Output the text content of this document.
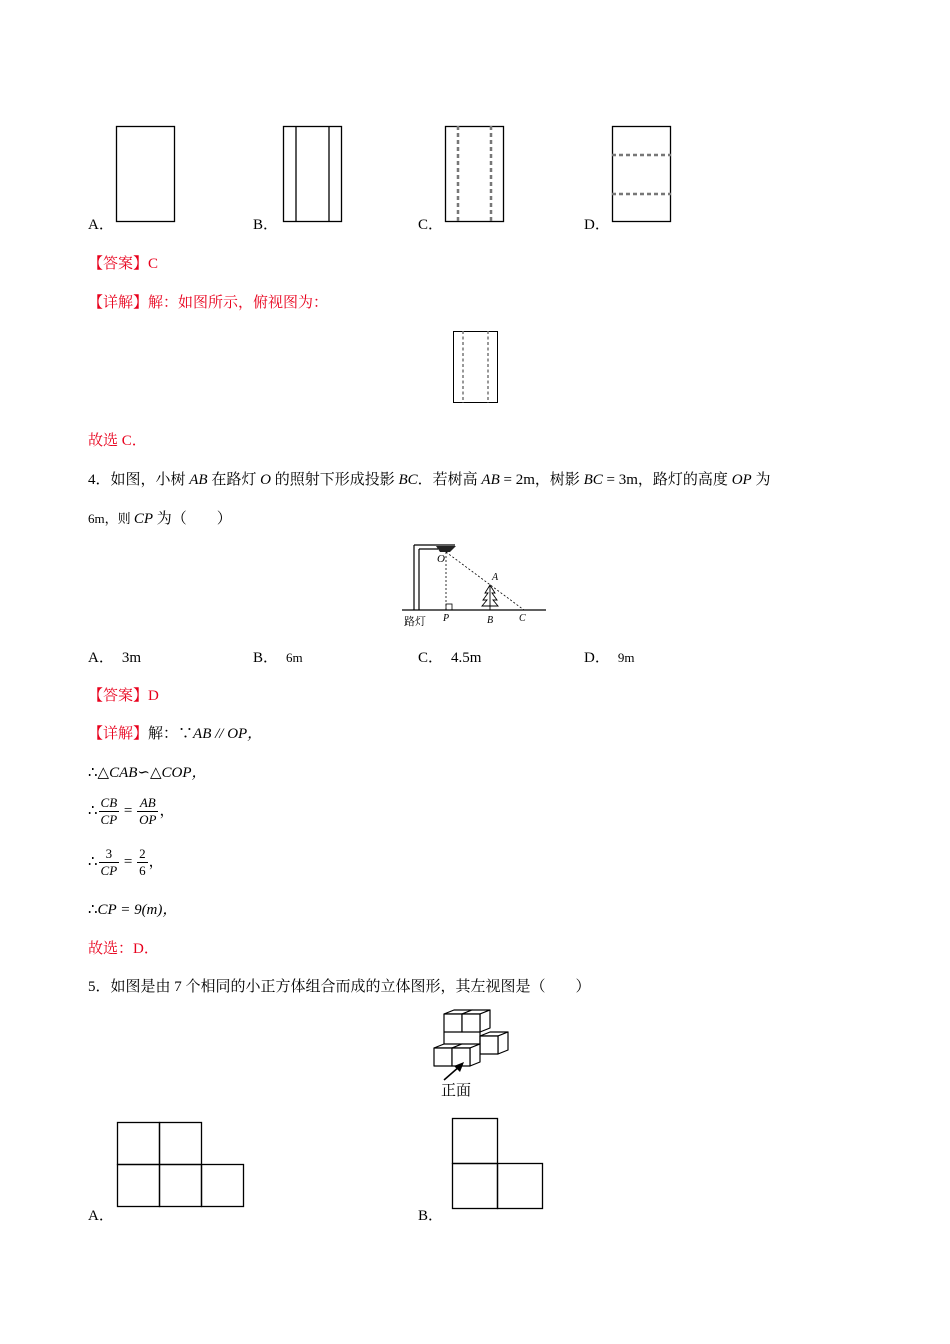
A．	B．	C．	D．
【答案】C
【详解】解：如图所示，俯视图为：
故选 C．
4．如图，小树 AB 在路灯 O 的照射下形成投影 BC．若树高 AB = 2m，树影 BC = 3m，路灯的高度 OP 为
6m，则 CP 为（　　）
O
A
路灯 P	B	C
A． 3m	B． 6m	C． 4.5m	D． 9m
【答案】D
【详解】解：∵AB // OP，
∴△CAB∽△COP，
∴ $\frac{CB}{CP} = \frac{AB}{OP}$ ，
∴ $\frac{3}{CP} = \frac{2}{6}$ ，
∴CP = 9(m)，
故选：D．
5．如图是由 7 个相同的小正方体组合而成的立体图形，其左视图是（　　）
正面
A．	B．
